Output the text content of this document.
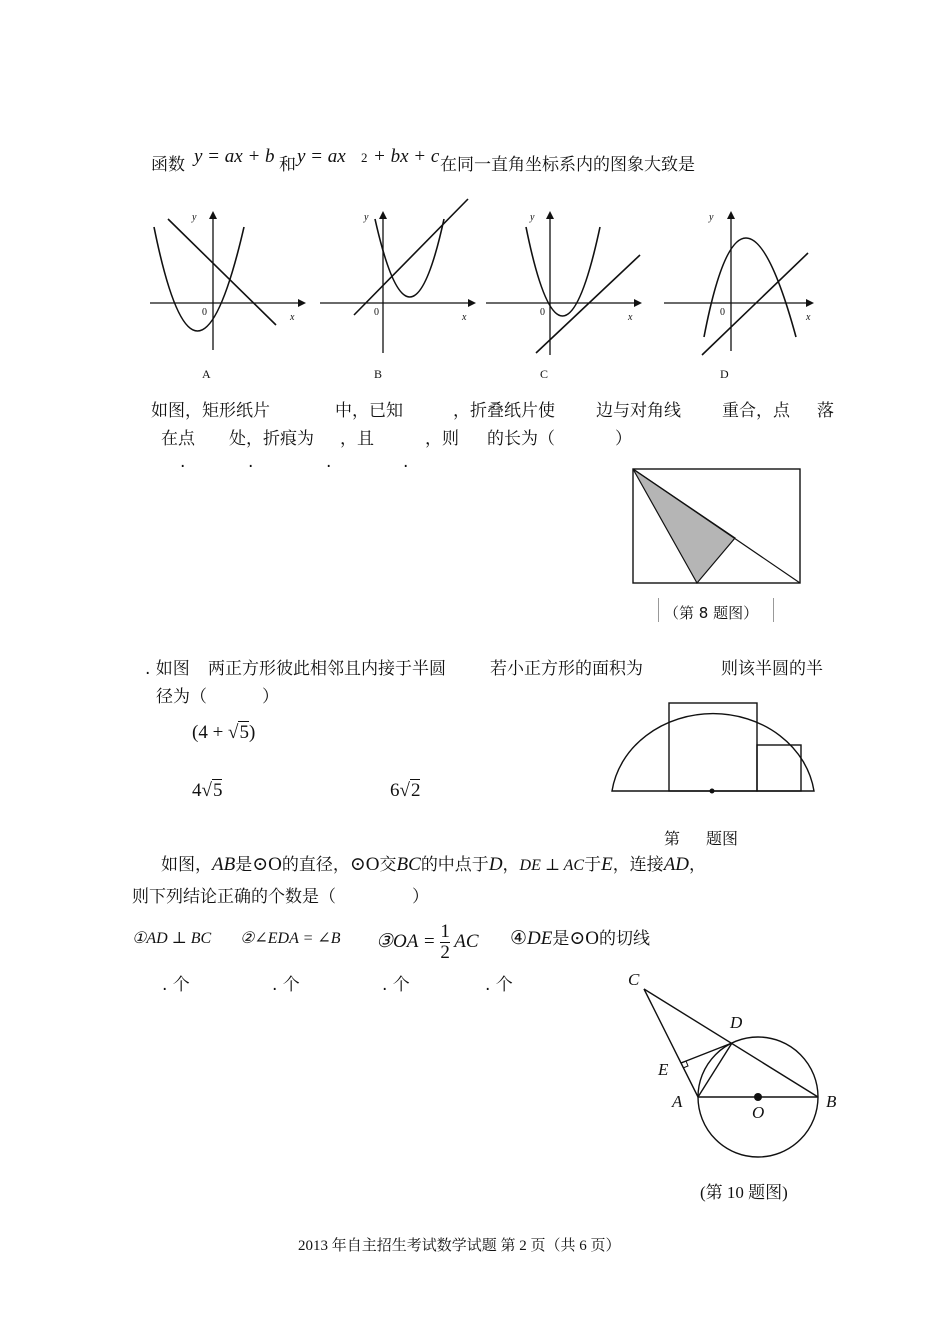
函数 y = ax + b 和 y = ax 2 + bx + c 在同一直角坐标系内的图象大致是
y
x
0
A
y
x
0
B
y
x
0
C
y
x
0
D
如图，矩形纸片	中，已知	，折叠纸片使 边与对角线 重合，点 落
在点 处，折痕为 ，且	，则 的长为（	）
.	.	.	.
（第 8 题图）
. 如图 两正方形彼此相邻且内接于半圆	若小正方形的面积为	则该半圆的半
径为（	）
(4 + √5)
4√5	6√2
第 题图
如图，AB是⊙O的直径，⊙O交BC的中点于D，DE ⊥ AC于E，连接AD，
则下列结论正确的个数是（	）
①AD ⊥ BC ②∠EDA = ∠B ③OA = $\frac{1}{2}$ AC ④DE是⊙O的切线
. 个	. 个	. 个	. 个	C
D
E
A
O
B
(第 10 题图)
2013 年自主招生考试数学试题 第 2 页（共 6 页）
